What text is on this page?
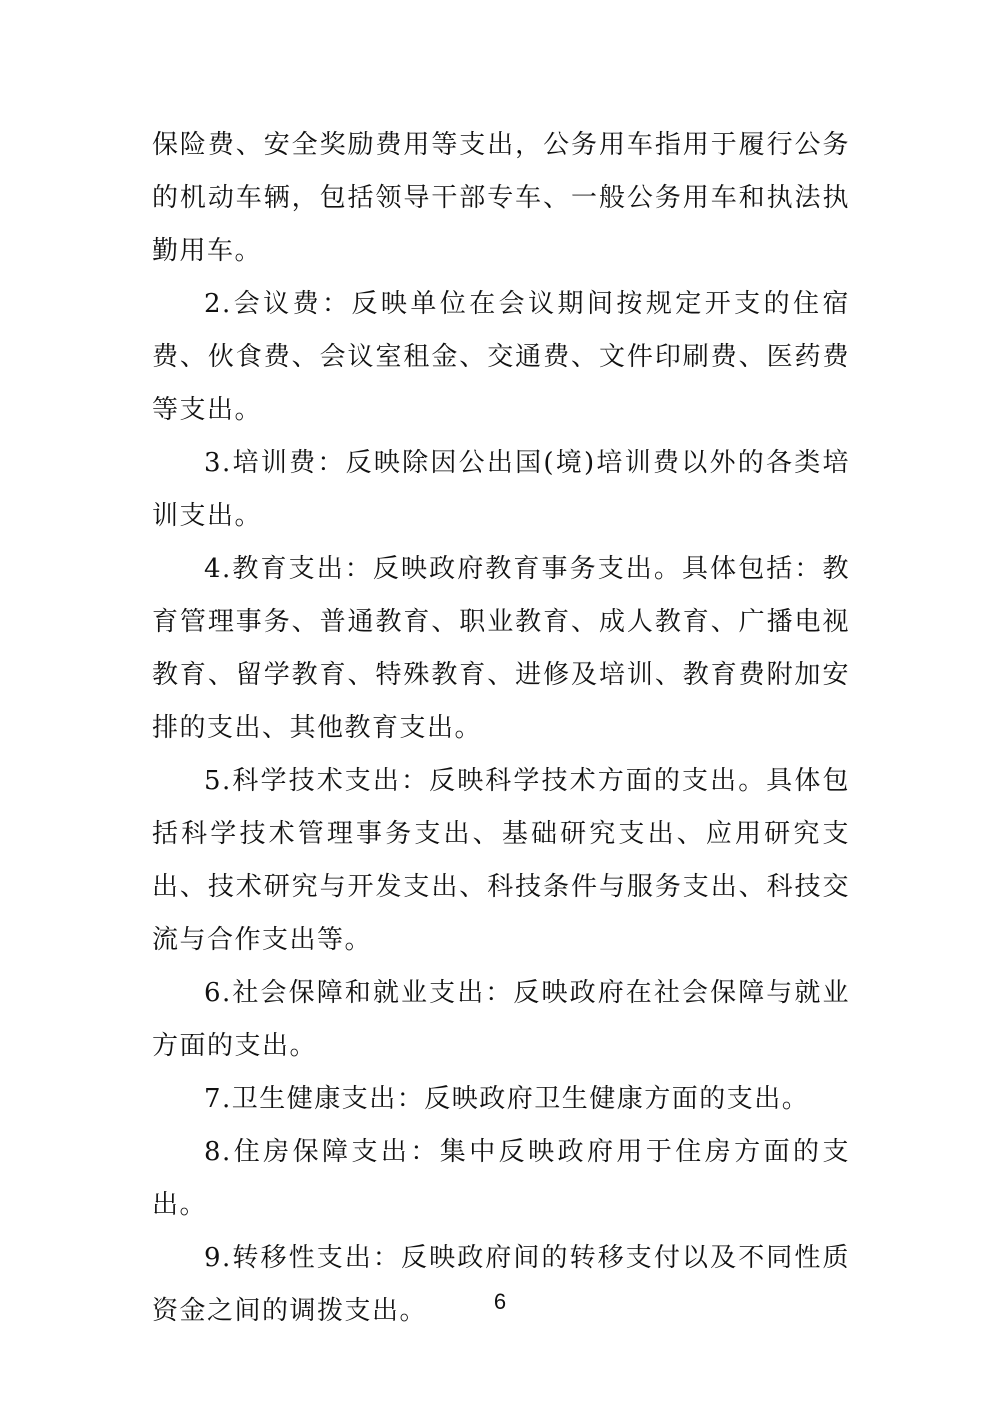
保险费、安全奖励费用等支出，公务用车指用于履行公务的机动车辆，包括领导干部专车、一般公务用车和执法执勤用车。

2.会议费：反映单位在会议期间按规定开支的住宿费、伙食费、会议室租金、交通费、文件印刷费、医药费等支出。

3.培训费：反映除因公出国(境)培训费以外的各类培训支出。

4.教育支出：反映政府教育事务支出。具体包括：教育管理事务、普通教育、职业教育、成人教育、广播电视教育、留学教育、特殊教育、进修及培训、教育费附加安排的支出、其他教育支出。

5.科学技术支出：反映科学技术方面的支出。具体包括科学技术管理事务支出、基础研究支出、应用研究支出、技术研究与开发支出、科技条件与服务支出、科技交流与合作支出等。

6.社会保障和就业支出：反映政府在社会保障与就业方面的支出。

7.卫生健康支出：反映政府卫生健康方面的支出。

8.住房保障支出：集中反映政府用于住房方面的支出。

9.转移性支出：反映政府间的转移支付以及不同性质资金之间的调拨支出。	6
